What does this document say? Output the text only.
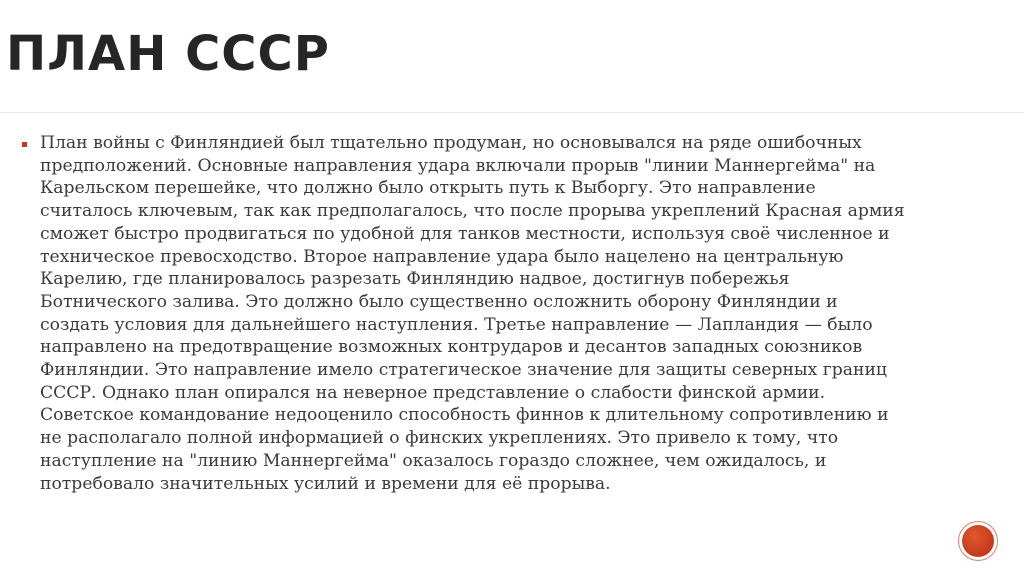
ПЛАН СССР

План войны с Финляндией был тщательно продуман, но основывался на ряде ошибочных предположений. Основные направления удара включали прорыв "линии Маннергейма" на Карельском перешейке, что должно было открыть путь к Выборгу. Это направление считалось ключевым, так как предполагалось, что после прорыва укреплений Красная армия сможет быстро продвигаться по удобной для танков местности, используя своё численное и техническое превосходство. Второе направление удара было нацелено на центральную Карелию, где планировалось разрезать Финляндию надвое, достигнув побережья Ботнического залива. Это должно было существенно осложнить оборону Финляндии и создать условия для дальнейшего наступления. Третье направление — Лапландия — было направлено на предотвращение возможных контрударов и десантов западных союзников Финляндии. Это направление имело стратегическое значение для защиты северных границ СССР. Однако план опирался на неверное представление о слабости финской армии. Советское командование недооценило способность финнов к длительному сопротивлению и не располагало полной информацией о финских укреплениях. Это привело к тому, что наступление на "линию Маннергейма" оказалось гораздо сложнее, чем ожидалось, и потребовало значительных усилий и времени для её прорыва.
